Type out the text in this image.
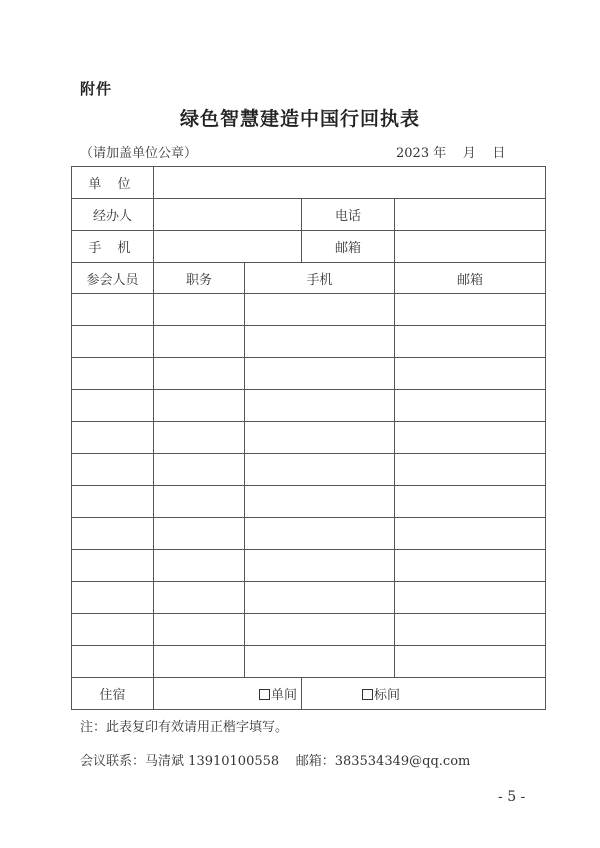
附件
绿色智慧建造中国行回执表
（请加盖单位公章）	2023 年 月 日
单 位				
经办人			电话	
手 机			邮箱	
参会人员	职务	手机		邮箱

住宿	单间		标间	
注：此表复印有效请用正楷字填写。
会议联系：马清斌 13910100558 邮箱：383534349@qq.com
- 5 -
